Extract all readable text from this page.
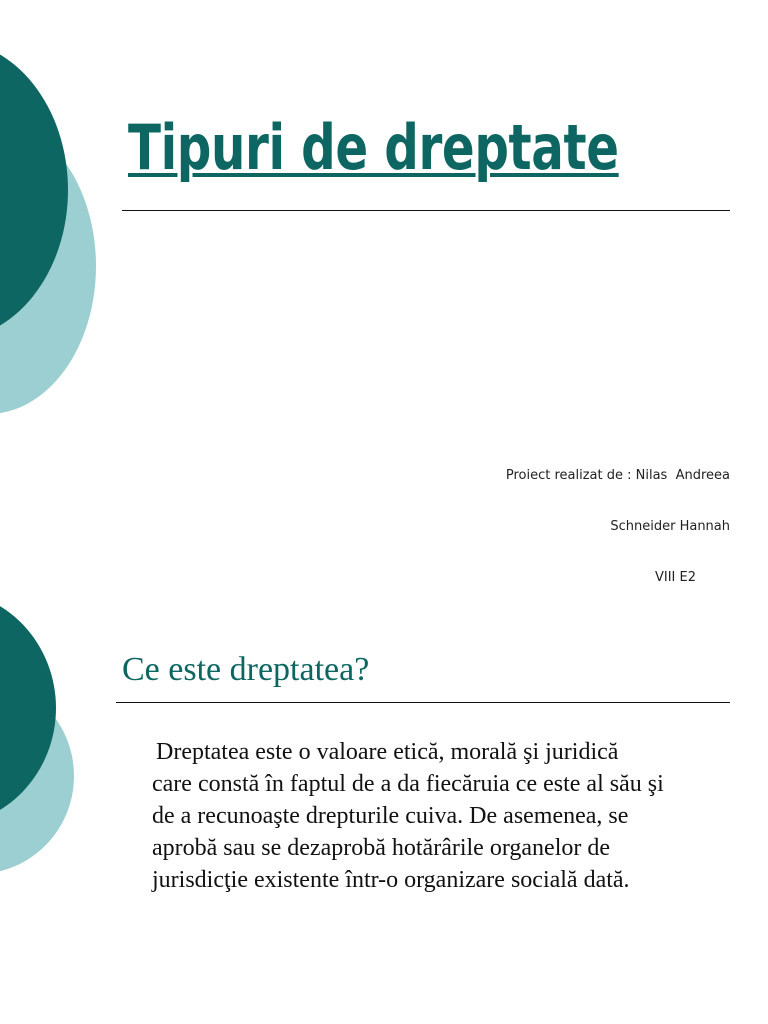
Tipuri de dreptate

Proiect realizat de : Nilas  Andreea

Schneider Hannah

VIII E2

Ce este dreptatea?

Dreptatea este o valoare etică, morală şi juridică
care constă în faptul de a da fiecăruia ce este al său şi
de a recunoaşte drepturile cuiva. De asemenea, se
aprobă sau se dezaprobă hotărârile organelor de
jurisdicţie existente într-o organizare socială dată.
